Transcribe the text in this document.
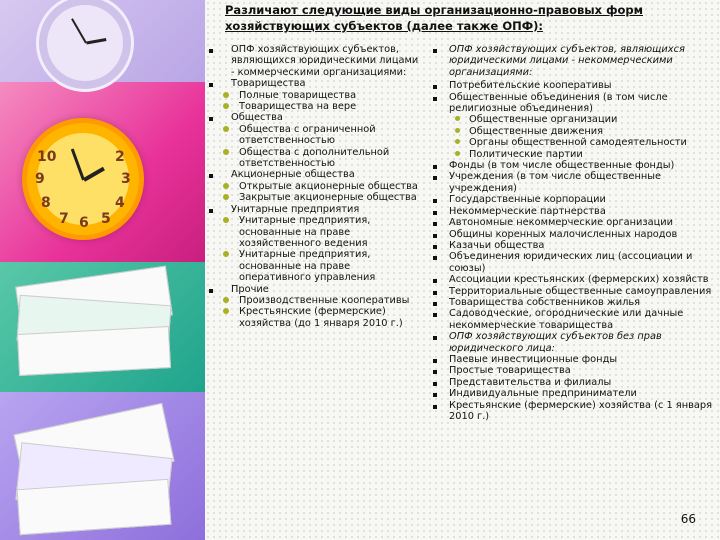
9	3
6
7 5
10	2
8	4
Различают следующие виды организационно-правовых форм хозяйствующих субъектов (далее также ОПФ):
ОПФ хозяйствующих субъектов, являющихся юридическими лицами - коммерческими организациями:
Товарищества
Полные товарищества
Товарищества на вере
Общества
Общества с ограниченной ответственностью
Общества с дополнительной ответственностью
Акционерные общества
Открытые акционерные общества
Закрытые акционерные общества
Унитарные предприятия
Унитарные предприятия, основанные на праве хозяйственного ведения
Унитарные предприятия, основанные на праве оперативного управления
Прочие
Производственные кооперативы
Крестьянские (фермерские) хозяйства (до 1 января 2010 г.)
ОПФ хозяйствующих субъектов, являющихся юридическими лицами - некоммерческими организациями:
Потребительские кооперативы
Общественные объединения (в том числе религиозные объединения)
Общественные организации
Общественные движения
Органы общественной самодеятельности
Политические партии
Фонды (в том числе общественные фонды)
Учреждения (в том числе общественные учреждения)
Государственные корпорации
Некоммерческие партнерства
Автономные некоммерческие организации
Общины коренных малочисленных народов
Казачьи общества
Объединения юридических лиц (ассоциации и союзы)
Ассоциации крестьянских (фермерских) хозяйств
Территориальные общественные самоуправления
Товарищества собственников жилья
Садоводческие, огороднические или дачные некоммерческие товарищества
ОПФ хозяйствующих субъектов без прав юридического лица:
Паевые инвестиционные фонды
Простые товарищества
Представительства и филиалы
Индивидуальные предприниматели
Крестьянские (фермерские) хозяйства (с 1 января 2010 г.)
66
